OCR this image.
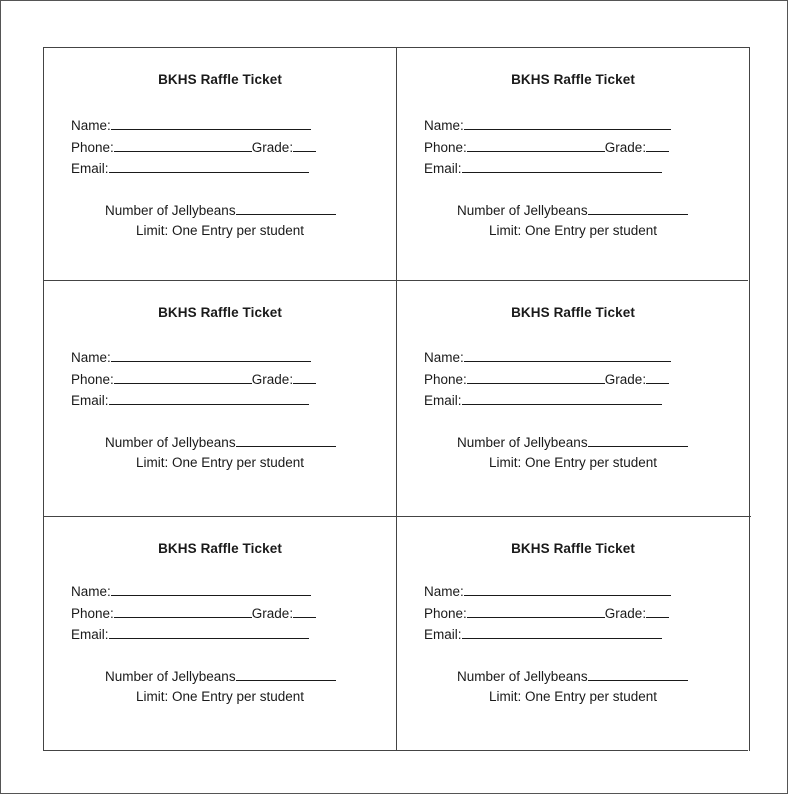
BKHS Raffle Ticket
Name:
Phone:	Grade:
Email:
Number of Jellybeans
Limit: One Entry per student
BKHS Raffle Ticket
Name:
Phone:	Grade:
Email:
Number of Jellybeans
Limit: One Entry per student
BKHS Raffle Ticket
Name:
Phone:	Grade:
Email:
Number of Jellybeans
Limit: One Entry per student
BKHS Raffle Ticket
Name:
Phone:	Grade:
Email:
Number of Jellybeans
Limit: One Entry per student
BKHS Raffle Ticket
Name:
Phone:	Grade:
Email:
Number of Jellybeans
Limit: One Entry per student
BKHS Raffle Ticket
Name:
Phone:	Grade:
Email:
Number of Jellybeans
Limit: One Entry per student
